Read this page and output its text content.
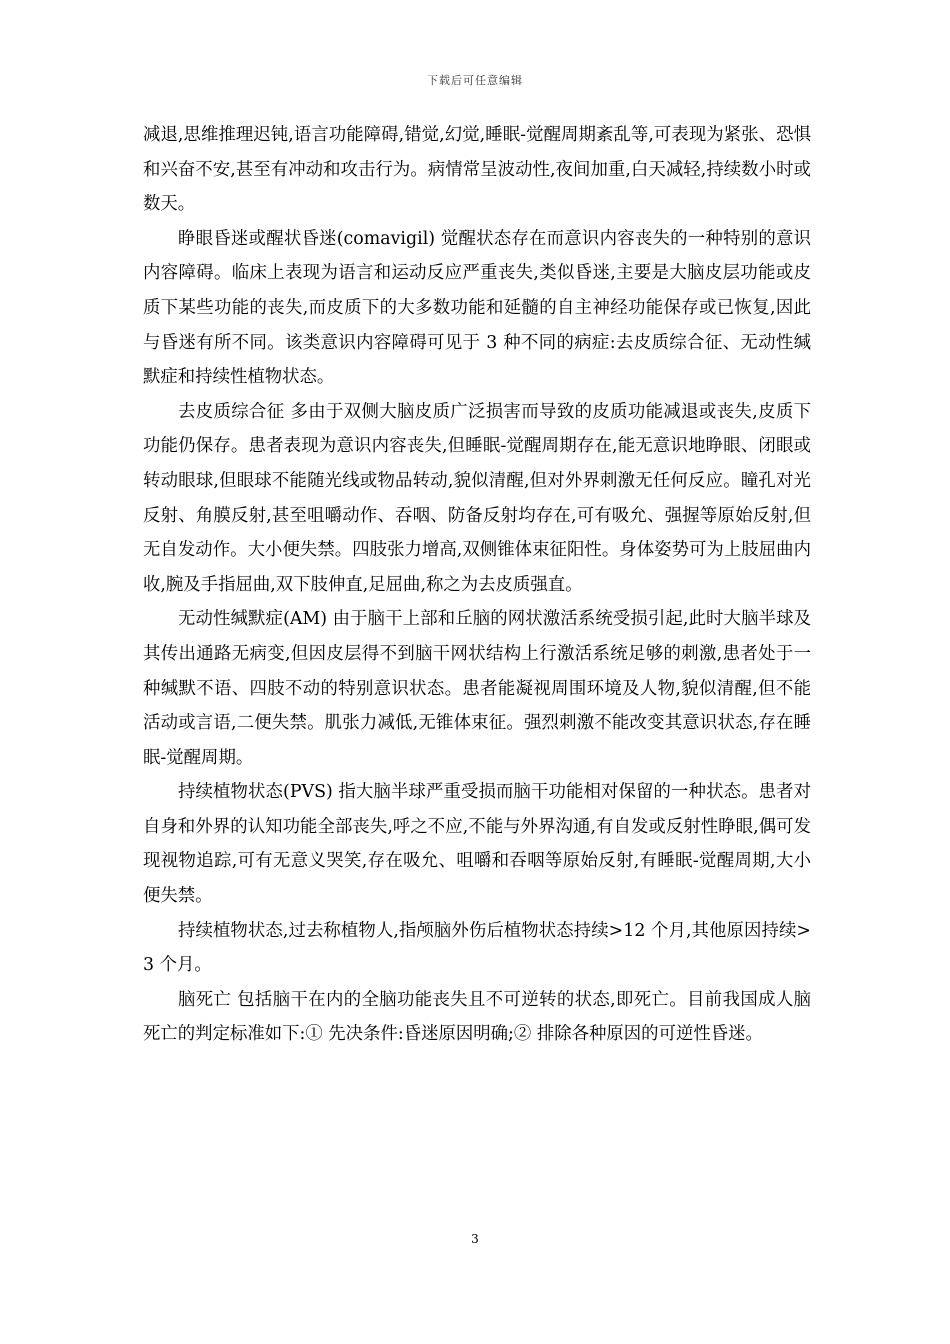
下载后可任意编辑

减退,思维推理迟钝,语言功能障碍,错觉,幻觉,睡眠-觉醒周期紊乱等,可表现为紧张、恐惧和兴奋不安,甚至有冲动和攻击行为。病情常呈波动性,夜间加重,白天减轻,持续数小时或数天。

睁眼昏迷或醒状昏迷(comavigil) 觉醒状态存在而意识内容丧失的一种特别的意识内容障碍。临床上表现为语言和运动反应严重丧失,类似昏迷,主要是大脑皮层功能或皮质下某些功能的丧失,而皮质下的大多数功能和延髓的自主神经功能保存或已恢复,因此与昏迷有所不同。该类意识内容障碍可见于 3 种不同的病症:去皮质综合征、无动性缄默症和持续性植物状态。

去皮质综合征 多由于双侧大脑皮质广泛损害而导致的皮质功能减退或丧失,皮质下功能仍保存。患者表现为意识内容丧失,但睡眠-觉醒周期存在,能无意识地睁眼、闭眼或转动眼球,但眼球不能随光线或物品转动,貌似清醒,但对外界刺激无任何反应。瞳孔对光反射、角膜反射,甚至咀嚼动作、吞咽、防备反射均存在,可有吸允、强握等原始反射,但无自发动作。大小便失禁。四肢张力增高,双侧锥体束征阳性。身体姿势可为上肢屈曲内收,腕及手指屈曲,双下肢伸直,足屈曲,称之为去皮质强直。

无动性缄默症(AM) 由于脑干上部和丘脑的网状激活系统受损引起,此时大脑半球及其传出通路无病变,但因皮层得不到脑干网状结构上行激活系统足够的刺激,患者处于一种缄默不语、四肢不动的特别意识状态。患者能凝视周围环境及人物,貌似清醒,但不能活动或言语,二便失禁。肌张力减低,无锥体束征。强烈刺激不能改变其意识状态,存在睡眠-觉醒周期。

持续植物状态(PVS) 指大脑半球严重受损而脑干功能相对保留的一种状态。患者对自身和外界的认知功能全部丧失,呼之不应,不能与外界沟通,有自发或反射性睁眼,偶可发现视物追踪,可有无意义哭笑,存在吸允、咀嚼和吞咽等原始反射,有睡眠-觉醒周期,大小便失禁。

持续植物状态,过去称植物人,指颅脑外伤后植物状态持续>12 个月,其他原因持续>3 个月。

脑死亡 包括脑干在内的全脑功能丧失且不可逆转的状态,即死亡。目前我国成人脑死亡的判定标准如下:① 先决条件:昏迷原因明确;② 排除各种原因的可逆性昏迷。

3
